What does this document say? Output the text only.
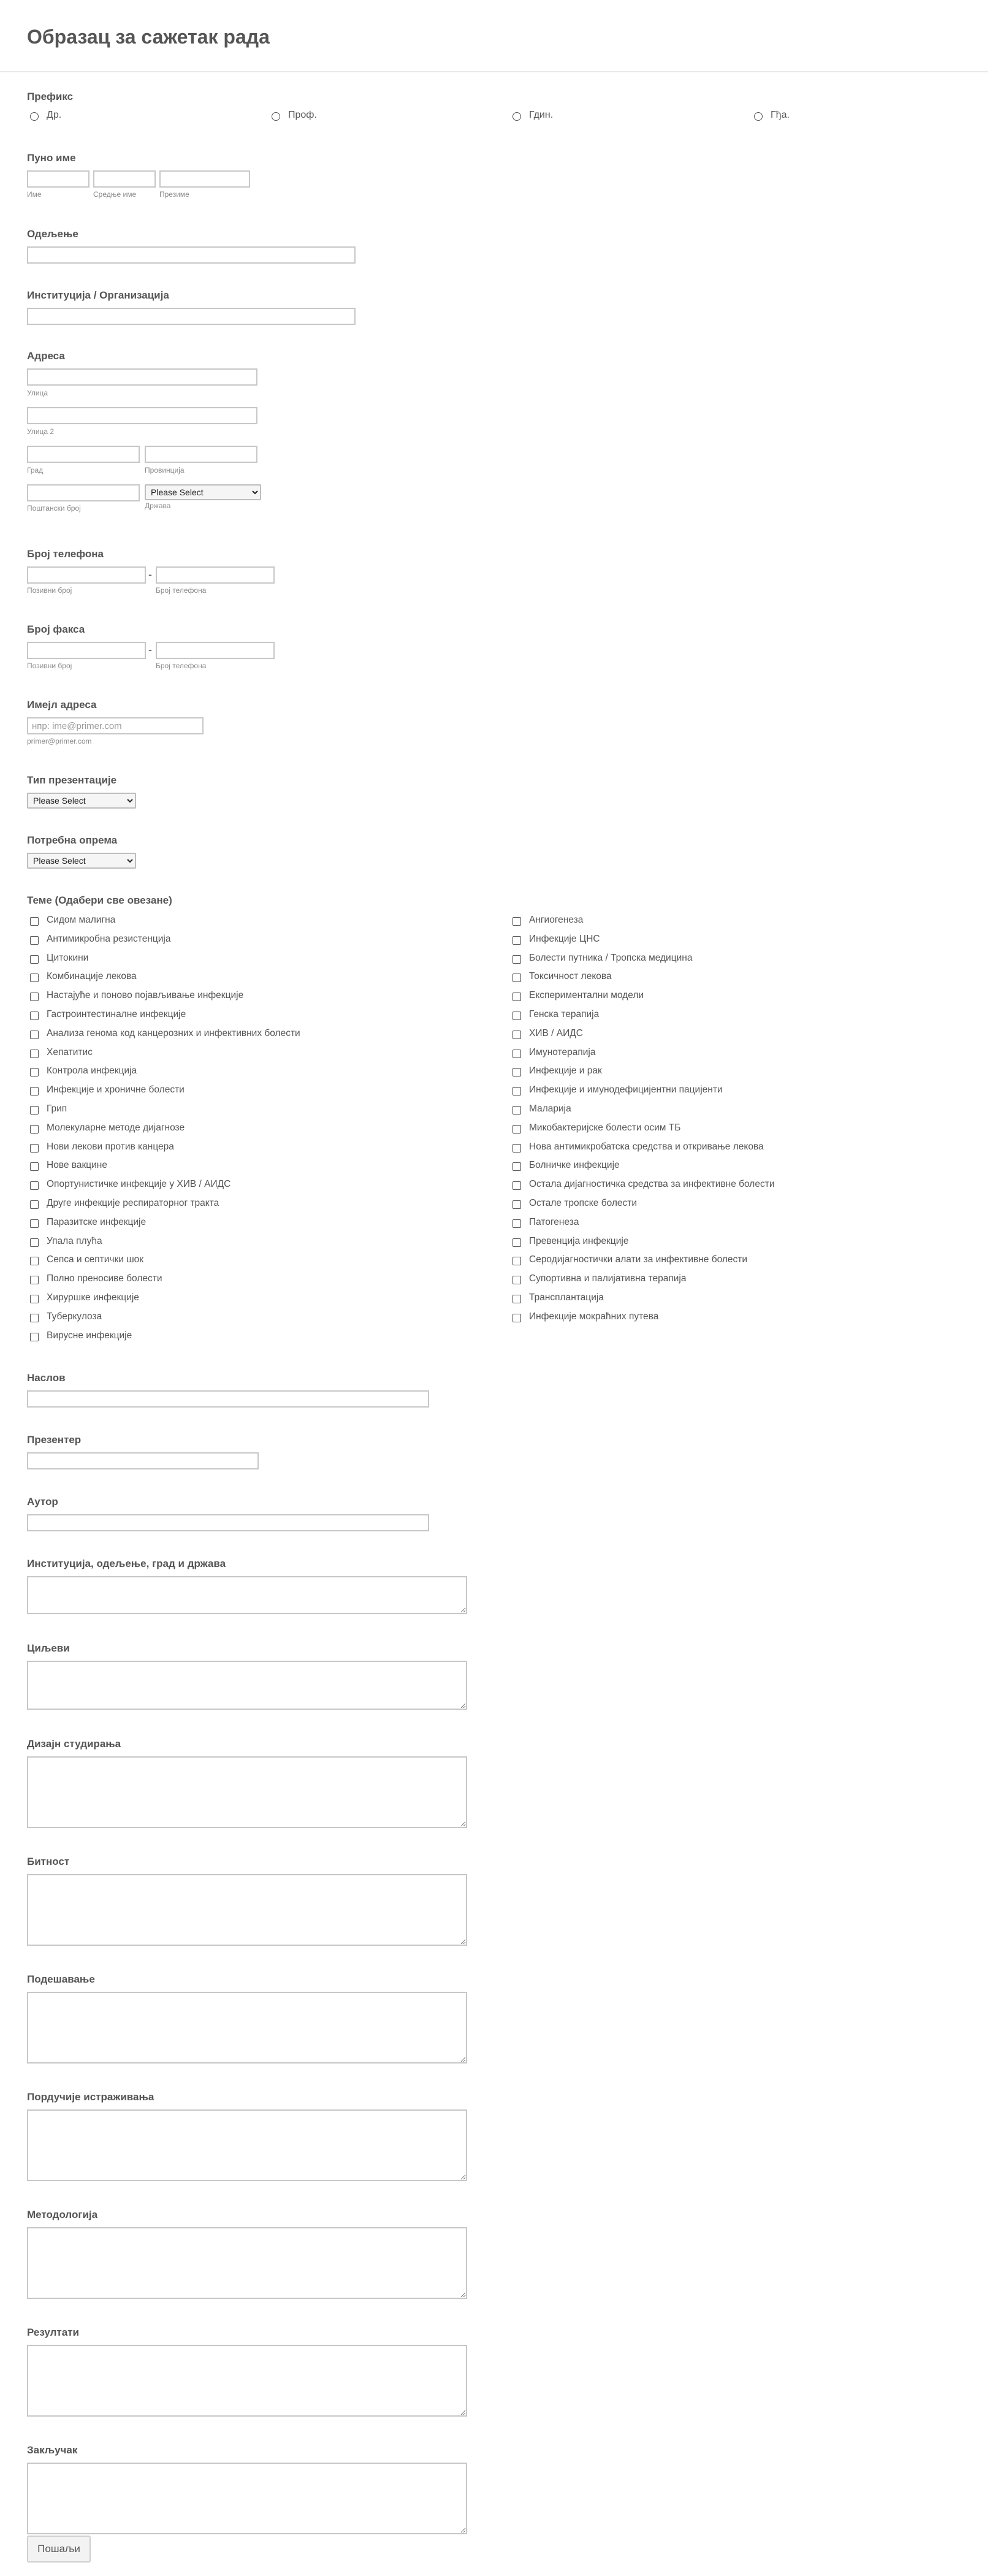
Образац за сажетак рада
Префикс
Др.	Проф.	Гдин.	Гђа.
Пуно име
Име	Средње име	Презиме
Одељење
Институција / Организација
Адреса
Улица
Улица 2
Град	Провинција
Please Select
Поштански број	Држава
Број телефона
-
Позивни број	Број телефона
Број факса
-
Позивни број	Број телефона
Имејл адреса
нпр: ime@primer.com
primer@primer.com
Тип презентације
Please Select
Потребна опрема
Please Select
Теме (Одабери све овезане)
Сидом малигна
Антимикробна резистенција
Цитокини
Комбинације лекова
Настајуће и поново појављивање инфекције
Гастроинтестиналне инфекције
Анализа генома код канцерозних и инфективних болести
Хепатитис
Контрола инфекција
Инфекције и хроничне болести
Грип
Молекуларне методе дијагнозе
Нови лекови против канцера
Нове вакцине
Опортунистичке инфекције у ХИВ / АИДС
Друге инфекције респираторног тракта
Паразитске инфекције
Упала плућа
Сепса и септички шок
Полно преносиве болести
Хируршке инфекције
Туберкулоза
Вирусне инфекције
Ангиогенеза
Инфекције ЦНС
Болести путника / Тропска медицина
Токсичност лекова
Експериментални модели
Генска терапија
ХИВ / АИДС
Имунотерапија
Инфекције и рак
Инфекције и имунодефицијентни пацијенти
Маларија
Микобактеријске болести осим ТБ
Нова антимикробатска средства и откривање лекова
Болничке инфекције
Остала дијагностичка средства за инфективне болести
Остале тропске болести
Патогенеза
Превенција инфекције
Серодијагностички алати за инфективне болести
Супортивна и палијативна терапија
Трансплантација
Инфекције мокраћних путева
Наслов
Презентер
Аутор
Институција, одељење, град и држава
Циљеви
Дизајн студирања
Битност
Подешавање
Пордучије истраживања
Методологија
Резултати
Закључак
Пошаљи
